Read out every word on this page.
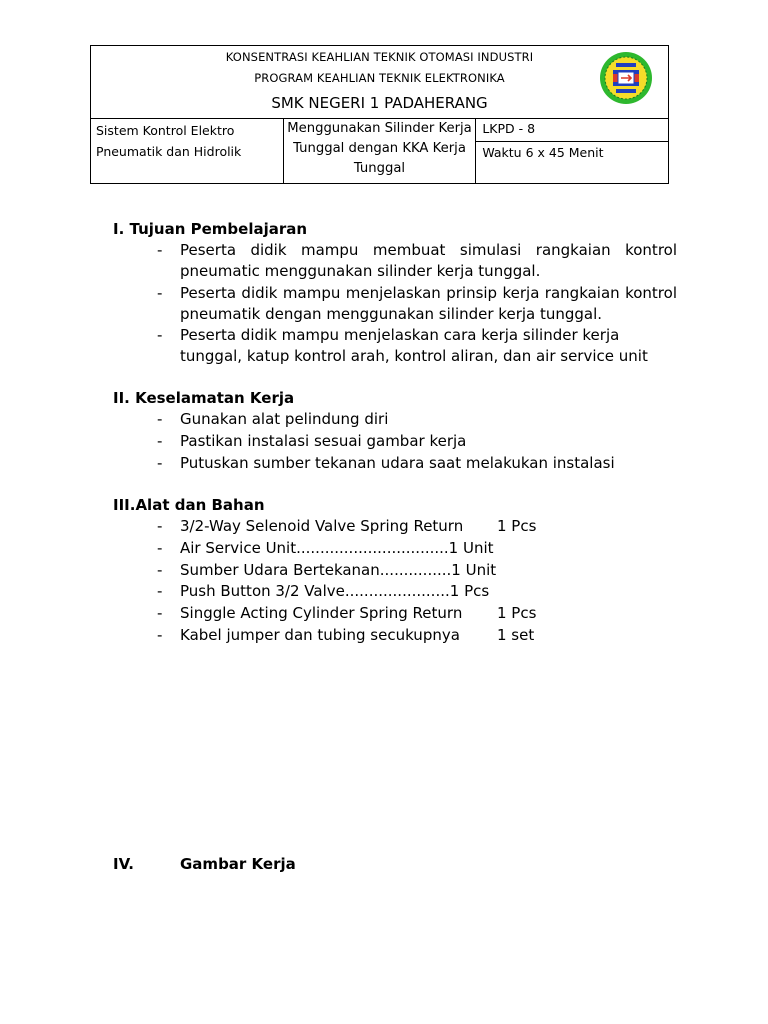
KONSENTRASI KEAHLIAN TEKNIK OTOMASI INDUSTRI
PROGRAM KEAHLIAN TEKNIK ELEKTRONIKA
SMK NEGERI 1 PADAHERANG

Sistem Kontrol Elektro Pneumatik dan Hidrolik	Menggunakan Silinder Kerja Tunggal dengan KKA Kerja Tunggal	
LKPD - 8
Waktu 6 x 45 Menit
I. Tujuan Pembelajaran
- Peserta didik mampu membuat simulasi rangkaian kontrol pneumatic menggunakan silinder kerja tunggal.
- Peserta didik mampu menjelaskan prinsip kerja rangkaian kontrol pneumatik dengan menggunakan silinder kerja tunggal.
- Peserta didik mampu menjelaskan cara kerja silinder kerja tunggal, katup kontrol arah, kontrol aliran, dan air service unit
II. Keselamatan Kerja
- Gunakan alat pelindung diri
- Pastikan instalasi sesuai gambar kerja
- Putuskan sumber tekanan udara saat melakukan instalasi
III.Alat dan Bahan
- 3/2-Way Selenoid Valve Spring Return	1 Pcs
- Air Service Unit................................1 Unit
- Sumber Udara Bertekanan...............1 Unit
- Push Button 3/2 Valve......................1 Pcs
- Singgle Acting Cylinder Spring Return	1 Pcs
- Kabel jumper dan tubing secukupnya	1 set
IV.	Gambar Kerja
